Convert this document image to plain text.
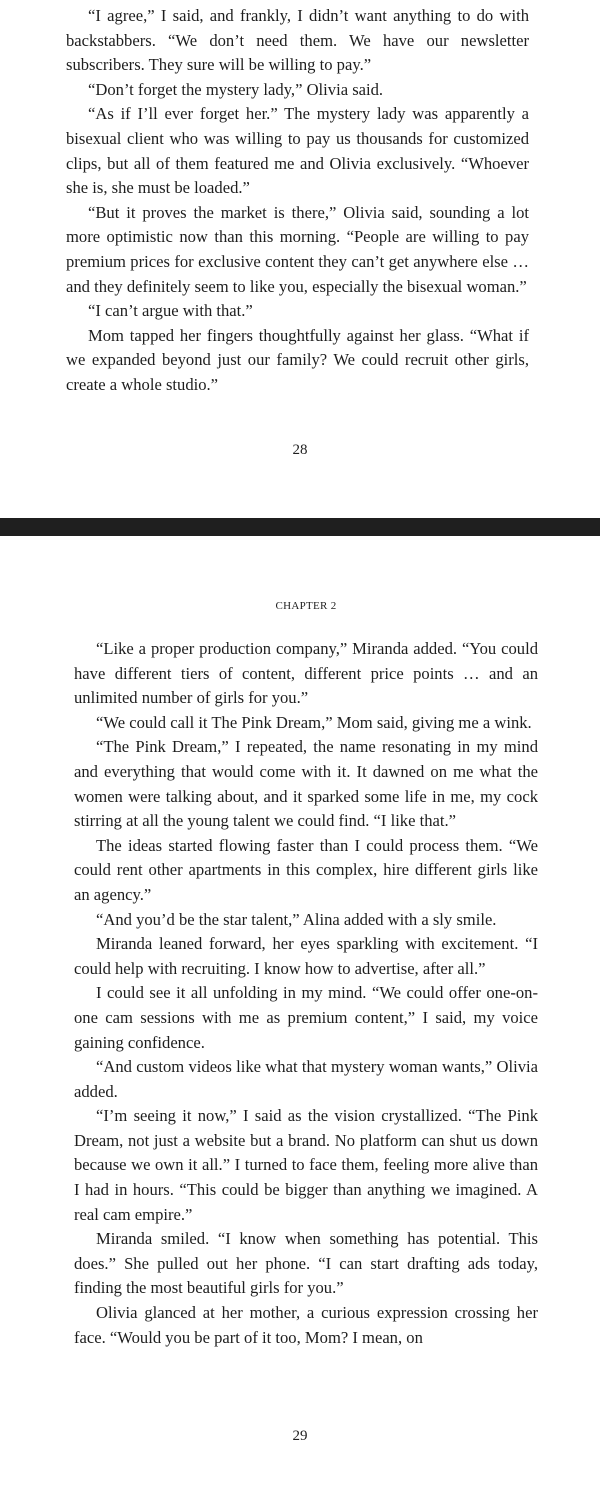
“I agree,” I said, and frankly, I didn’t want anything to do with backstabbers. “We don’t need them. We have our newsletter subscribers. They sure will be willing to pay.”

“Don’t forget the mystery lady,” Olivia said.

“As if I’ll ever forget her.” The mystery lady was apparently a bisexual client who was willing to pay us thousands for customized clips, but all of them featured me and Olivia exclusively. “Whoever she is, she must be loaded.”

“But it proves the market is there,” Olivia said, sounding a lot more optimistic now than this morning. “People are willing to pay premium prices for exclusive content they can’t get anywhere else … and they definitely seem to like you, especially the bisexual woman.”

“I can’t argue with that.”

Mom tapped her fingers thoughtfully against her glass. “What if we expanded beyond just our family? We could recruit other girls, create a whole studio.”

28

CHAPTER 2

“Like a proper production company,” Miranda added. “You could have different tiers of content, different price points … and an unlimited number of girls for you.”

“We could call it The Pink Dream,” Mom said, giving me a wink.

“The Pink Dream,” I repeated, the name resonating in my mind and everything that would come with it. It dawned on me what the women were talking about, and it sparked some life in me, my cock stirring at all the young talent we could find. “I like that.”

The ideas started flowing faster than I could process them. “We could rent other apartments in this complex, hire different girls like an agency.”

“And you’d be the star talent,” Alina added with a sly smile.

Miranda leaned forward, her eyes sparkling with excitement. “I could help with recruiting. I know how to advertise, after all.”

I could see it all unfolding in my mind. “We could offer one-on-one cam sessions with me as premium content,” I said, my voice gaining confidence.

“And custom videos like what that mystery woman wants,” Olivia added.

“I’m seeing it now,” I said as the vision crystallized. “The Pink Dream, not just a website but a brand. No platform can shut us down because we own it all.” I turned to face them, feeling more alive than I had in hours. “This could be bigger than anything we imagined. A real cam empire.”

Miranda smiled. “I know when something has potential. This does.” She pulled out her phone. “I can start drafting ads today, finding the most beautiful girls for you.”

Olivia glanced at her mother, a curious expression crossing her face. “Would you be part of it too, Mom? I mean, on

29
